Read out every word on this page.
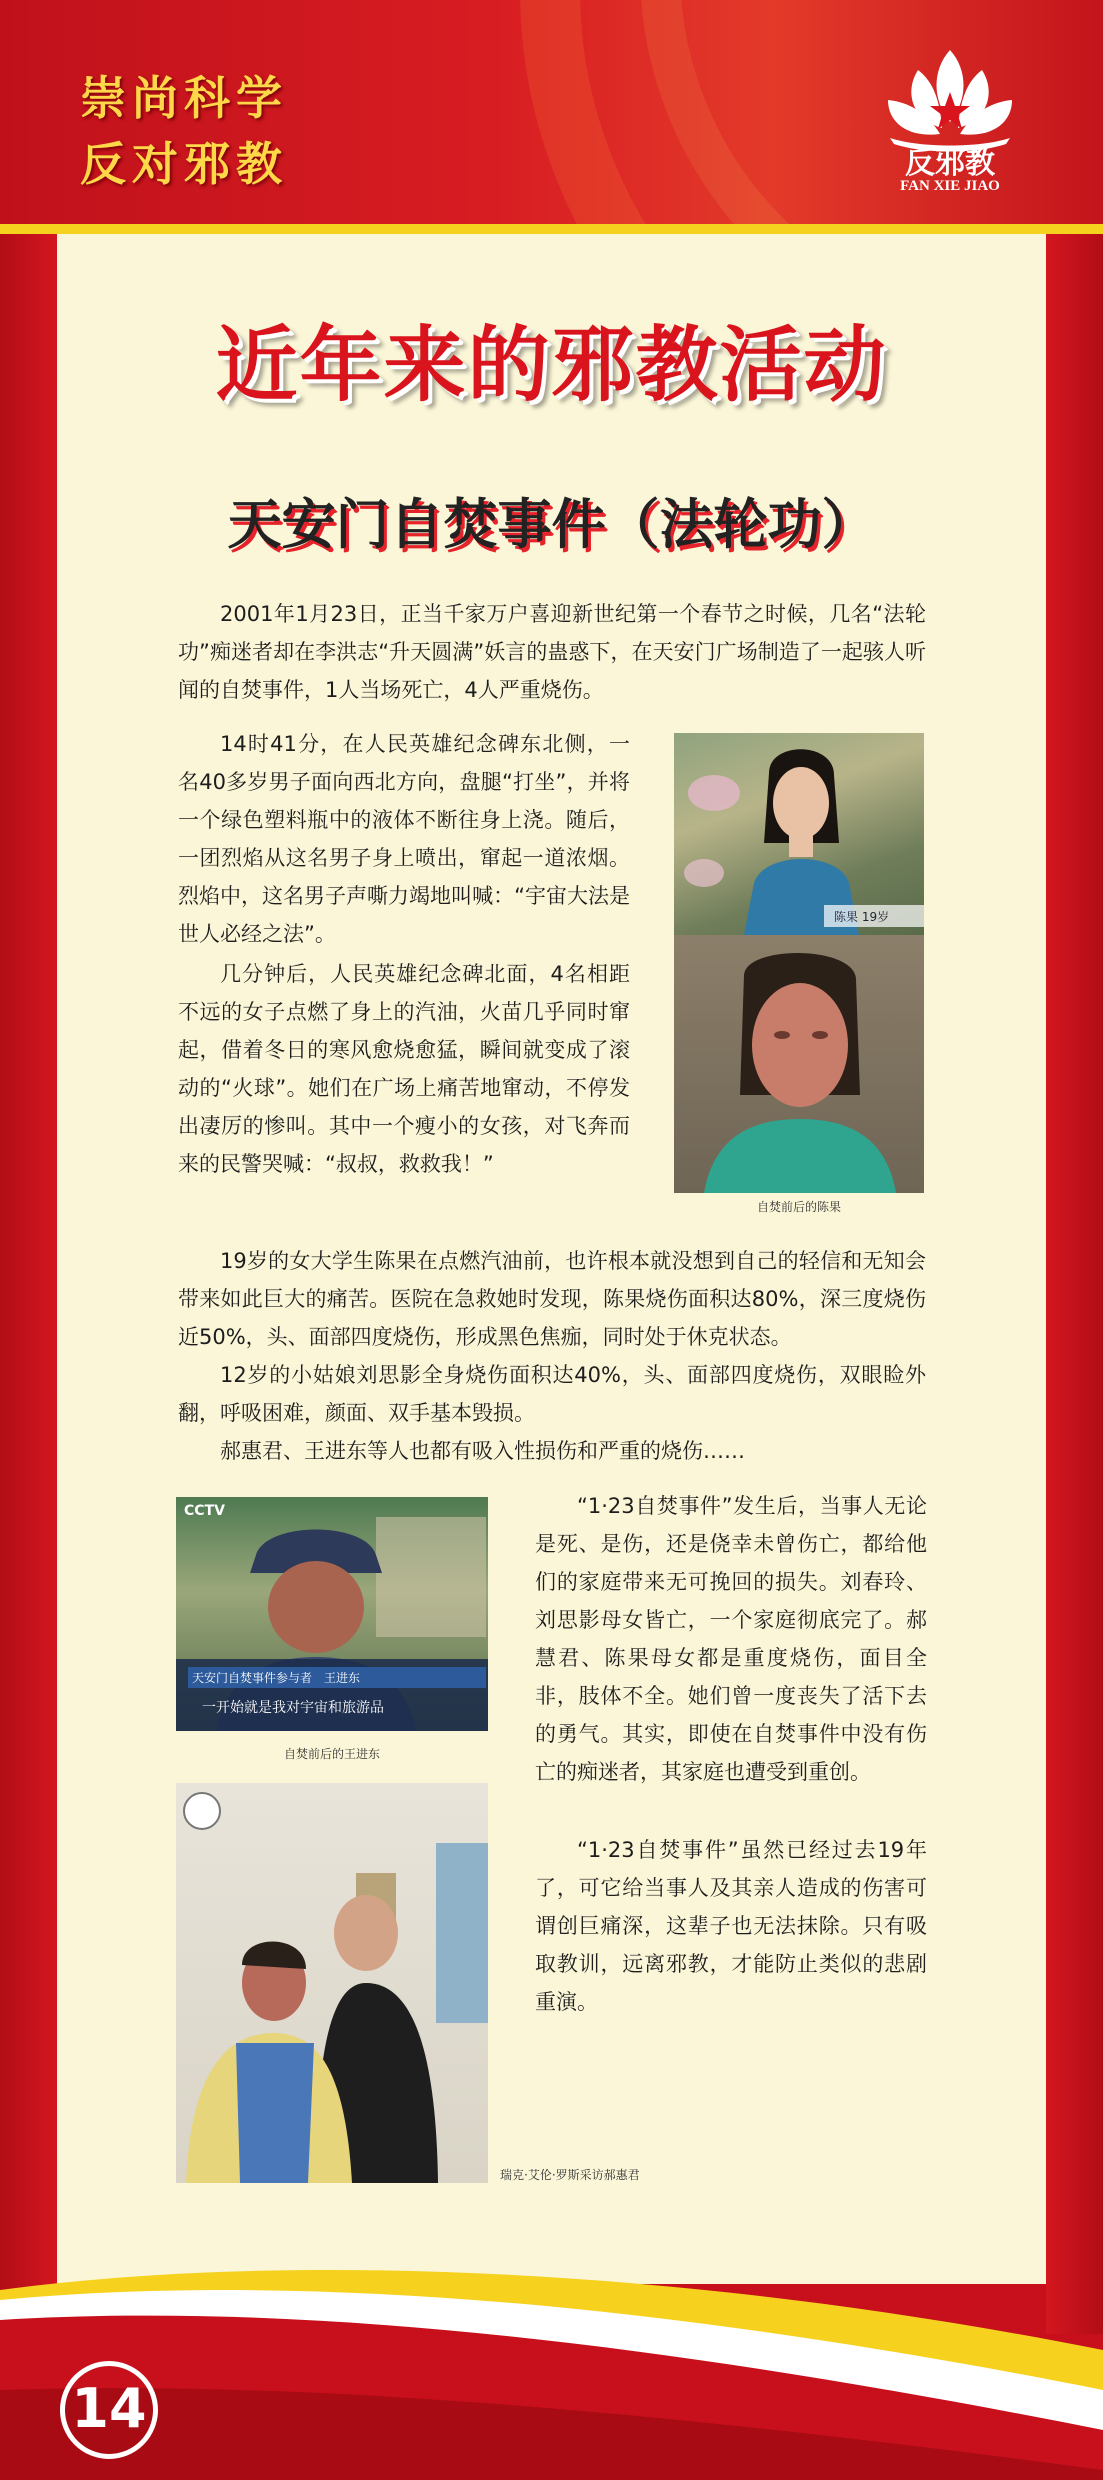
崇尚科学
反对邪教	反邪教
FAN XIE JIAO
近年来的邪教活动
天安门自焚事件（法轮功）

2001年1月23日，正当千家万户喜迎新世纪第一个春节之时候，几名“法轮功”痴迷者却在李洪志“升天圆满”妖言的蛊惑下，在天安门广场制造了一起骇人听闻的自焚事件，1人当场死亡，4人严重烧伤。

14时41分，在人民英雄纪念碑东北侧，一名40多岁男子面向西北方向，盘腿“打坐”，并将一个绿色塑料瓶中的液体不断往身上浇。随后，一团烈焰从这名男子身上喷出，窜起一道浓烟。烈焰中，这名男子声嘶力竭地叫喊：“宇宙大法是世人必经之法”。

几分钟后，人民英雄纪念碑北面，4名相距不远的女子点燃了身上的汽油，火苗几乎同时窜起，借着冬日的寒风愈烧愈猛，瞬间就变成了滚动的“火球”。她们在广场上痛苦地窜动，不停发出凄厉的惨叫。其中一个瘦小的女孩，对飞奔而来的民警哭喊：“叔叔，救救我！”

19岁的女大学生陈果在点燃汽油前，也许根本就没想到自己的轻信和无知会带来如此巨大的痛苦。医院在急救她时发现，陈果烧伤面积达80%，深三度烧伤近50%，头、面部四度烧伤，形成黑色焦痂，同时处于休克状态。

12岁的小姑娘刘思影全身烧伤面积达40%，头、面部四度烧伤，双眼睑外翻，呼吸困难，颜面、双手基本毁损。

郝惠君、王进东等人也都有吸入性损伤和严重的烧伤……

“1·23自焚事件”发生后，当事人无论是死、是伤，还是侥幸未曾伤亡，都给他们的家庭带来无可挽回的损失。刘春玲、刘思影母女皆亡，一个家庭彻底完了。郝慧君、陈果母女都是重度烧伤，面目全非，肢体不全。她们曾一度丧失了活下去的勇气。其实，即使在自焚事件中没有伤亡的痴迷者，其家庭也遭受到重创。

“1·23自焚事件”虽然已经过去19年了，可它给当事人及其亲人造成的伤害可谓创巨痛深，这辈子也无法抹除。只有吸取教训，远离邪教，才能防止类似的悲剧重演。

陈果 19岁
自焚前后的陈果
CCTV
天安门自焚事件参与者　王进东
一开始就是我对宇宙和旅游品
自焚前后的王进东
瑞克·艾伦·罗斯采访郝惠君
14
